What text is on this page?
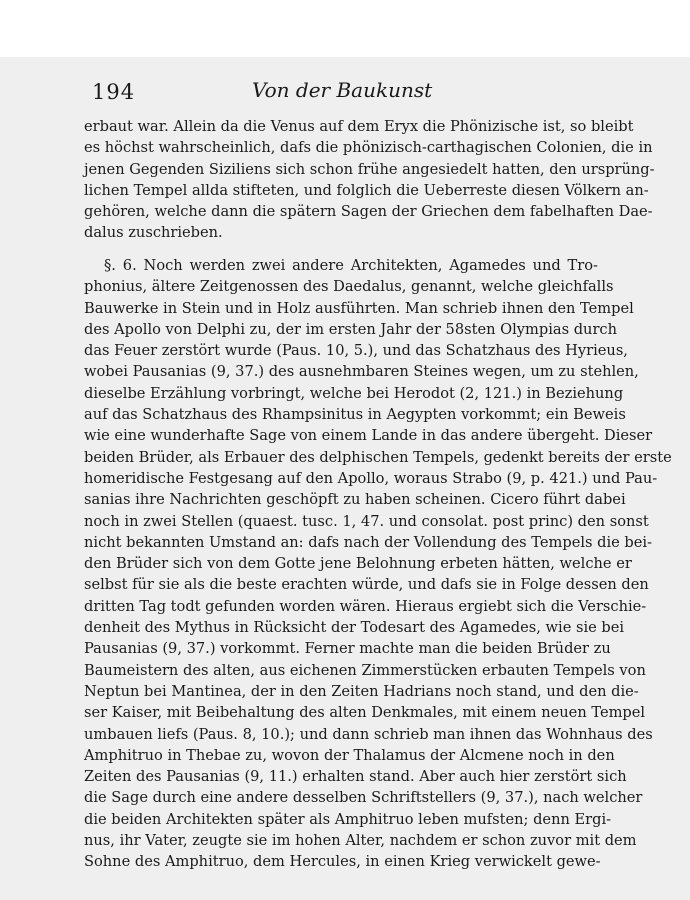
194	Von der Baukunst
erbaut war. Allein da die Venus auf dem Eryx die Phönizische ist, so bleibt
es höchst wahrscheinlich, dafs die phönizisch-carthagischen Colonien, die in
jenen Gegenden Siziliens sich schon frühe angesiedelt hatten, den ursprüng-
lichen Tempel allda stifteten, und folglich die Ueberreste diesen Völkern an-
gehören, welche dann die spätern Sagen der Griechen dem fabelhaften Dae-
dalus zuschrieben.
§. 6. Noch werden zwei andere Architekten, Agamedes und Tro-
phonius, ältere Zeitgenossen des Daedalus, genannt, welche gleichfalls
Bauwerke in Stein und in Holz ausführten. Man schrieb ihnen den Tempel
des Apollo von Delphi zu, der im ersten Jahr der 58sten Olympias durch
das Feuer zerstört wurde (Paus. 10, 5.), und das Schatzhaus des Hyrieus,
wobei Pausanias (9, 37.) des ausnehmbaren Steines wegen, um zu stehlen,
dieselbe Erzählung vorbringt, welche bei Herodot (2, 121.) in Beziehung
auf das Schatzhaus des Rhampsinitus in Aegypten vorkommt; ein Beweis
wie eine wunderhafte Sage von einem Lande in das andere übergeht. Dieser
beiden Brüder, als Erbauer des delphischen Tempels, gedenkt bereits der erste
homeridische Festgesang auf den Apollo, woraus Strabo (9, p. 421.) und Pau-
sanias ihre Nachrichten geschöpft zu haben scheinen. Cicero führt dabei
noch in zwei Stellen (quaest. tusc. 1, 47. und consolat. post princ) den sonst
nicht bekannten Umstand an: dafs nach der Vollendung des Tempels die bei-
den Brüder sich von dem Gotte jene Belohnung erbeten hätten, welche er
selbst für sie als die beste erachten würde, und dafs sie in Folge dessen den
dritten Tag todt gefunden worden wären. Hieraus ergiebt sich die Verschie-
denheit des Mythus in Rücksicht der Todesart des Agamedes, wie sie bei
Pausanias (9, 37.) vorkommt. Ferner machte man die beiden Brüder zu
Baumeistern des alten, aus eichenen Zimmerstücken erbauten Tempels von
Neptun bei Mantinea, der in den Zeiten Hadrians noch stand, und den die-
ser Kaiser, mit Beibehaltung des alten Denkmales, mit einem neuen Tempel
umbauen liefs (Paus. 8, 10.); und dann schrieb man ihnen das Wohnhaus des
Amphitruo in Thebae zu, wovon der Thalamus der Alcmene noch in den
Zeiten des Pausanias (9, 11.) erhalten stand. Aber auch hier zerstört sich
die Sage durch eine andere desselben Schriftstellers (9, 37.), nach welcher
die beiden Architekten später als Amphitruo leben mufsten; denn Ergi-
nus, ihr Vater, zeugte sie im hohen Alter, nachdem er schon zuvor mit dem
Sohne des Amphitruo, dem Hercules, in einen Krieg verwickelt gewe-
